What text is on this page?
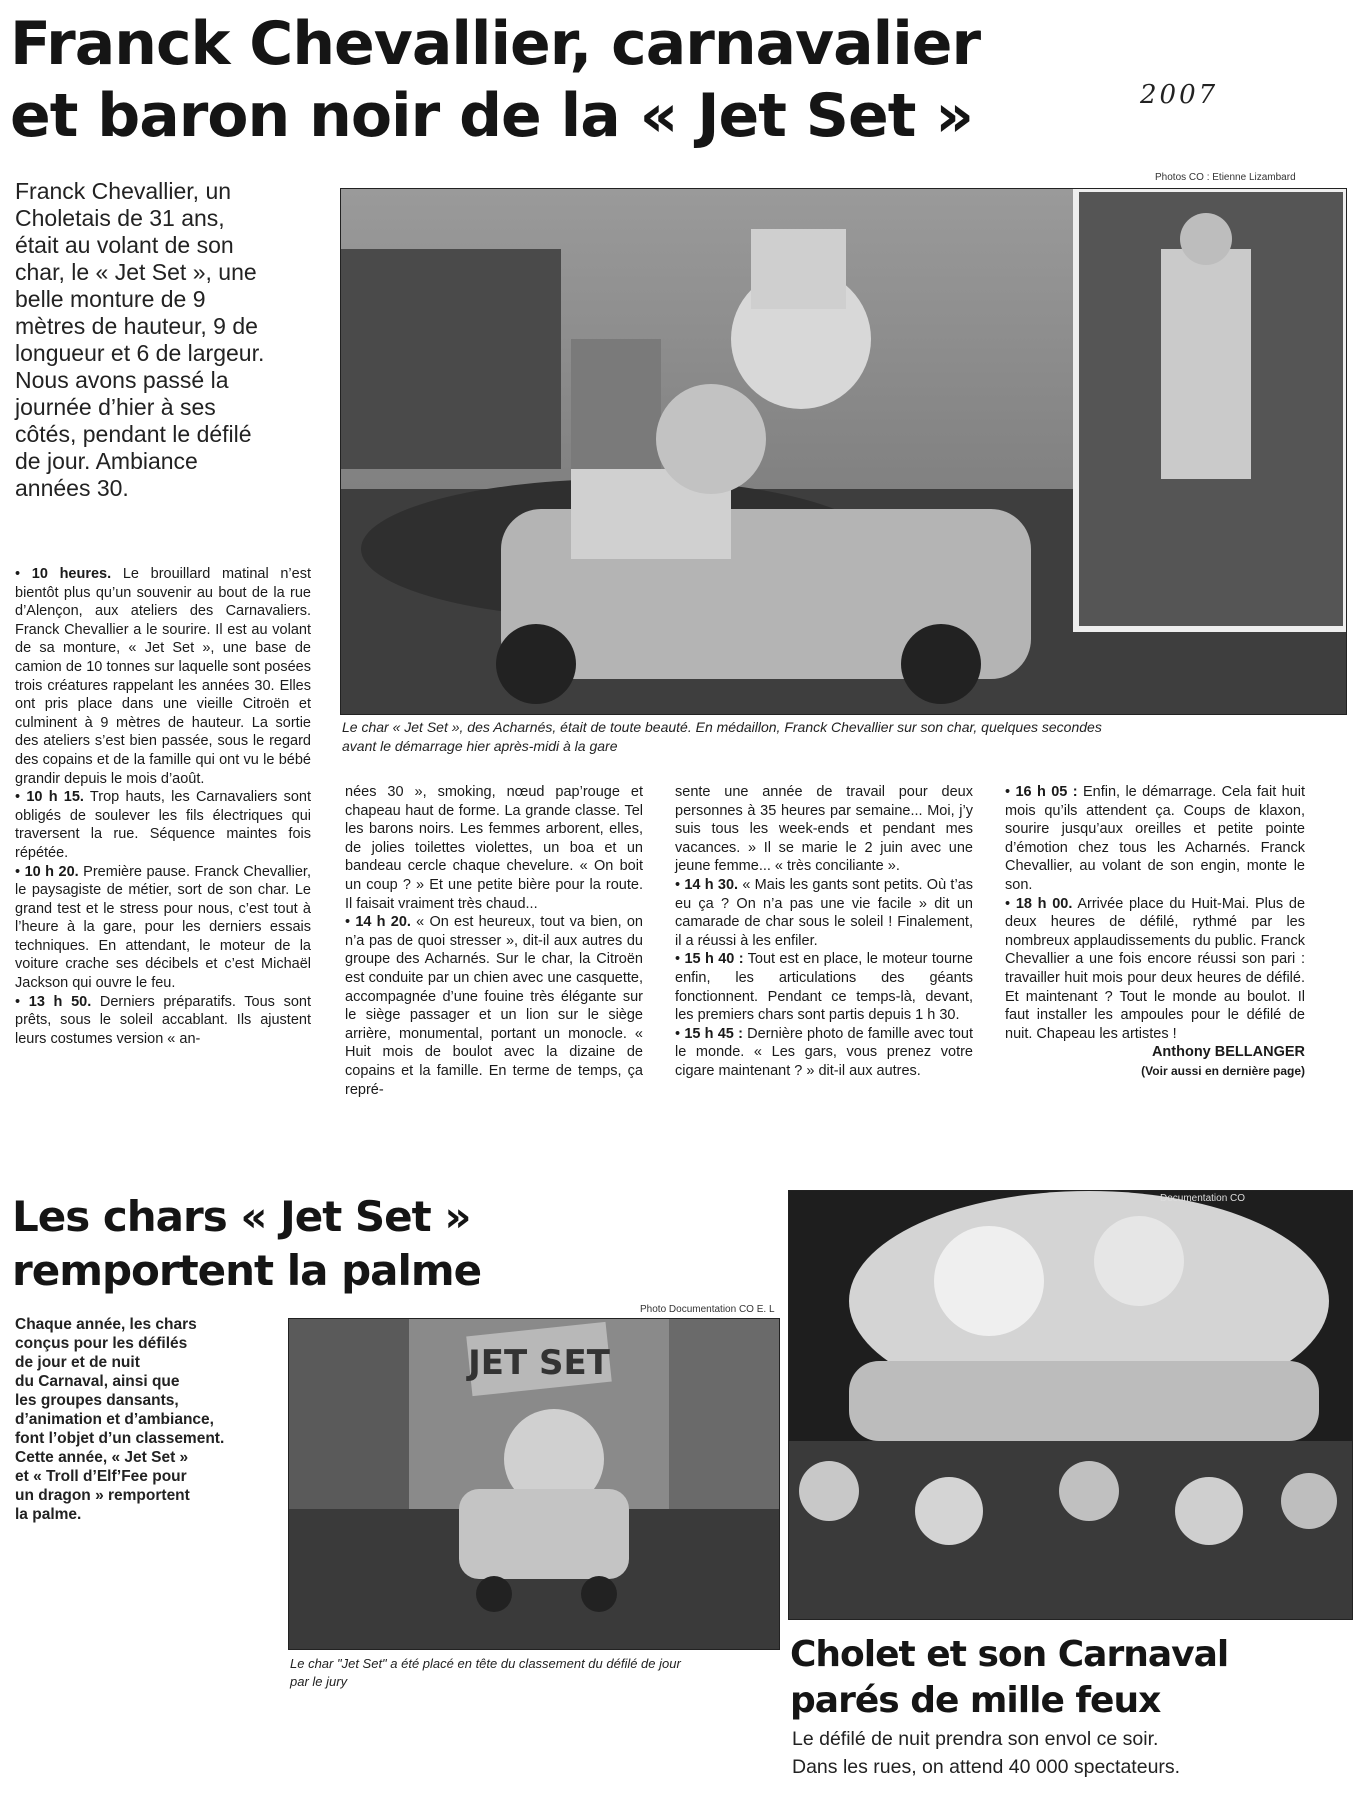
Franck Chevallier, carnavalier
et baron noir de la « Jet Set »	2007
Photos CO : Etienne Lizambard
Franck Chevallier, un
Choletais de 31 ans,
était au volant de son
char, le « Jet Set », une
belle monture de 9
mètres de hauteur, 9 de
longueur et 6 de largeur.
Nous avons passé la
journée d’hier à ses
côtés, pendant le défilé
de jour. Ambiance
années 30.
Le char « Jet Set », des Acharnés, était de toute beauté. En médaillon, Franck Chevallier sur son char, quelques secondes
avant le démarrage hier après-midi à la gare

• 10 heures. Le brouillard matinal n’est bientôt plus qu’un souvenir au bout de la rue d’Alençon, aux ateliers des Carnavaliers. Franck Chevallier a le sourire. Il est au volant de sa monture, « Jet Set », une base de camion de 10 tonnes sur laquelle sont posées trois créatures rappelant les années 30. Elles ont pris place dans une vieille Citroën et culminent à 9 mètres de hauteur. La sortie des ateliers s’est bien passée, sous le regard des copains et de la famille qui ont vu le bébé grandir depuis le mois d’août.

• 10 h 15. Trop hauts, les Carnavaliers sont obligés de soulever les fils électriques qui traversent la rue. Séquence maintes fois répétée.

• 10 h 20. Première pause. Franck Chevallier, le paysagiste de métier, sort de son char. Le grand test et le stress pour nous, c’est tout à l’heure à la gare, pour les derniers essais techniques. En attendant, le moteur de la voiture crache ses décibels et c’est Michaël Jackson qui ouvre le feu.

• 13 h 50. Derniers préparatifs. Tous sont prêts, sous le soleil accablant. Ils ajustent leurs costumes version « an-

nées 30 », smoking, nœud pap’rouge et chapeau haut de forme. La grande classe. Tel les barons noirs. Les femmes arborent, elles, de jolies toilettes violettes, un boa et un bandeau cercle chaque chevelure. « On boit un coup ? » Et une petite bière pour la route. Il faisait vraiment très chaud...

• 14 h 20. « On est heureux, tout va bien, on n’a pas de quoi stresser », dit-il aux autres du groupe des Acharnés. Sur le char, la Citroën est conduite par un chien avec une casquette, accompagnée d’une fouine très élégante sur le siège passager et un lion sur le siège arrière, monumental, portant un monocle. « Huit mois de boulot avec la dizaine de copains et la famille. En terme de temps, ça repré-

sente une année de travail pour deux personnes à 35 heures par semaine... Moi, j’y suis tous les week-ends et pendant mes vacances. » Il se marie le 2 juin avec une jeune femme... « très conciliante ».

• 14 h 30. « Mais les gants sont petits. Où t’as eu ça ? On n’a pas une vie facile » dit un camarade de char sous le soleil ! Finalement, il a réussi à les enfiler.

• 15 h 40 : Tout est en place, le moteur tourne enfin, les articulations des géants fonctionnent. Pendant ce temps-là, devant, les premiers chars sont partis depuis 1 h 30.

• 15 h 45 : Dernière photo de famille avec tout le monde. « Les gars, vous prenez votre cigare maintenant ? » dit-il aux autres.

• 16 h 05 : Enfin, le démarrage. Cela fait huit mois qu’ils attendent ça. Coups de klaxon, sourire jusqu’aux oreilles et petite pointe d’émotion chez tous les Acharnés. Franck Chevallier, au volant de son engin, monte le son.

• 18 h 00. Arrivée place du Huit-Mai. Plus de deux heures de défilé, rythmé par les nombreux applaudissements du public. Franck Chevallier a une fois encore réussi son pari : travailler huit mois pour deux heures de défilé. Et maintenant ? Tout le monde au boulot. Il faut installer les ampoules pour le défilé de nuit. Chapeau les artistes !

Anthony BELLANGER

(Voir aussi en dernière page)

Les chars « Jet Set »
remportent la palme
Chaque année, les chars
conçus pour les défilés
de jour et de nuit
du Carnaval, ainsi que
les groupes dansants,
d’animation et d’ambiance,
font l’objet d’un classement.
Cette année, « Jet Set »
et « Troll d’Elf’Fee pour
un dragon » remportent
la palme.
Photo Documentation CO E. L
JET SET
Le char "Jet Set" a été placé en tête du classement du défilé de jour
par le jury
Documentation CO
Cholet et son Carnaval
parés de mille feux
Le défilé de nuit prendra son envol ce soir.
Dans les rues, on attend 40 000 spectateurs.
